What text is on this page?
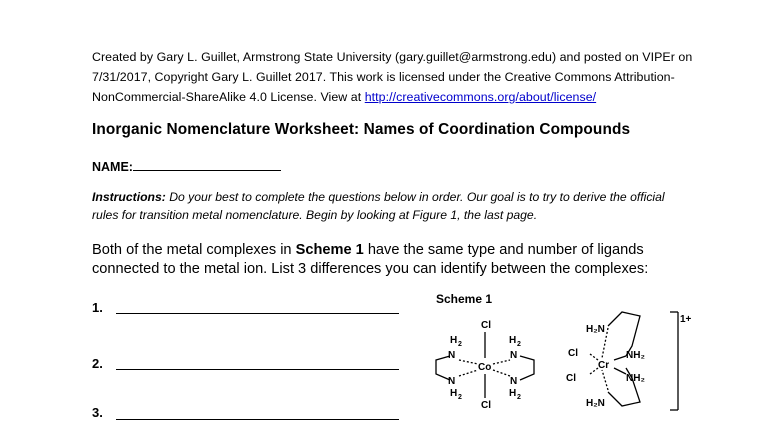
Created by Gary L. Guillet, Armstrong State University (gary.guillet@armstrong.edu) and posted on VIPEr on 7/31/2017, Copyright Gary L. Guillet 2017. This work is licensed under the Creative Commons Attribution-NonCommercial-ShareAlike 4.0 License. View at http://creativecommons.org/about/license/
Inorganic Nomenclature Worksheet: Names of Coordination Compounds
NAME:
Instructions: Do your best to complete the questions below in order. Our goal is to try to derive the official rules for transition metal nomenclature. Begin by looking at Figure 1, the last page.
Both of the metal complexes in Scheme 1 have the same type and number of ligands connected to the metal ion. List 3 differences you can identify between the complexes:
1.
2.
3.
Scheme 1
Cl
Cl
Co
H 2
N
N
H 2
H 2
N
N
H 2
H₂N
Cl
Cr
NH₂
Cl	NH₂
H₂N
1+
